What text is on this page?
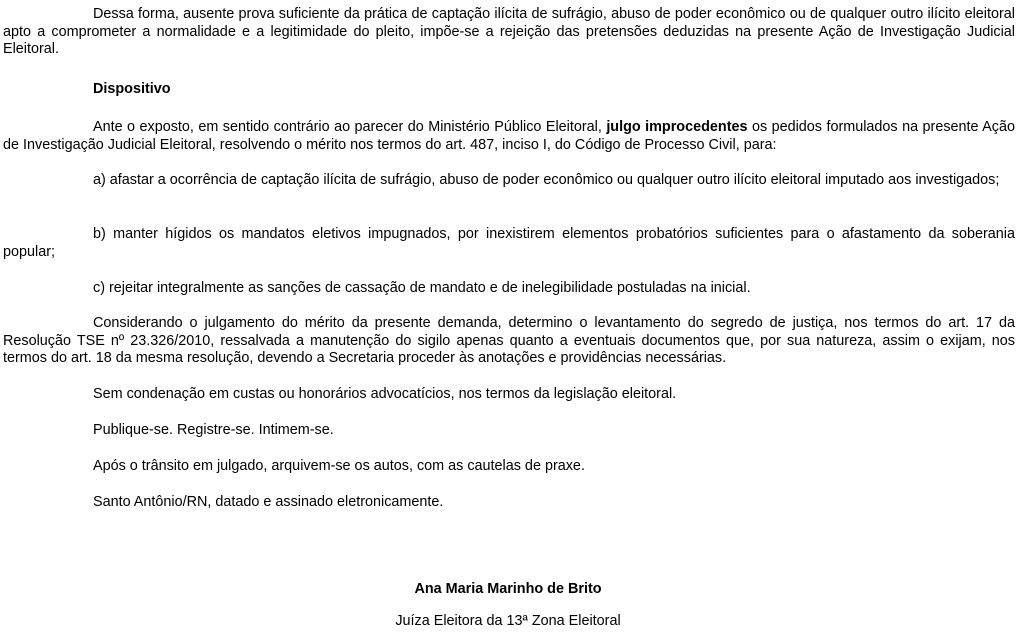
Dessa forma, ausente prova suficiente da prática de captação ilícita de sufrágio, abuso de poder econômico ou de qualquer outro ilícito eleitoral apto a comprometer a normalidade e a legitimidade do pleito, impõe-se a rejeição das pretensões deduzidas na presente Ação de Investigação Judicial Eleitoral.

Dispositivo

Ante o exposto, em sentido contrário ao parecer do Ministério Público Eleitoral, julgo improcedentes os pedidos formulados na presente Ação de Investigação Judicial Eleitoral, resolvendo o mérito nos termos do art. 487, inciso I, do Código de Processo Civil, para:

a) afastar a ocorrência de captação ilícita de sufrágio, abuso de poder econômico ou qualquer outro ilícito eleitoral imputado aos investigados;

b) manter hígidos os mandatos eletivos impugnados, por inexistirem elementos probatórios suficientes para o afastamento da soberania popular;

c) rejeitar integralmente as sanções de cassação de mandato e de inelegibilidade postuladas na inicial.

Considerando o julgamento do mérito da presente demanda, determino o levantamento do segredo de justiça, nos termos do art. 17 da Resolução TSE nº 23.326/2010, ressalvada a manutenção do sigilo apenas quanto a eventuais documentos que, por sua natureza, assim o exijam, nos termos do art. 18 da mesma resolução, devendo a Secretaria proceder às anotações e providências necessárias.

Sem condenação em custas ou honorários advocatícios, nos termos da legislação eleitoral.

Publique-se. Registre-se. Intimem-se.

Após o trânsito em julgado, arquivem-se os autos, com as cautelas de praxe.

Santo Antônio/RN, datado e assinado eletronicamente.

Ana Maria Marinho de Brito

Juíza Eleitora da 13ª Zona Eleitoral
